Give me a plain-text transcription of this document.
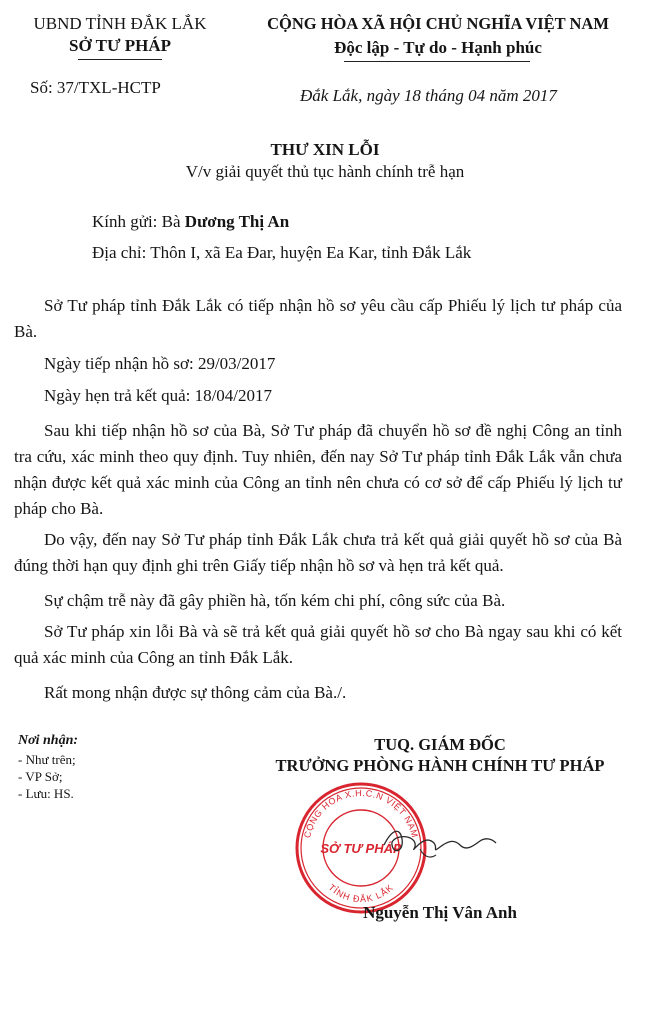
UBND TỈNH ĐẮK LẮK
SỞ TƯ PHÁP
Số: 37/TXL-HCTP
CỘNG HÒA XÃ HỘI CHỦ NGHĨA VIỆT NAM
Độc lập - Tự do - Hạnh phúc
Đắk Lắk, ngày 18 tháng 04 năm 2017
THƯ XIN LỖI
V/v giải quyết thủ tục hành chính trễ hạn
Kính gửi: Bà Dương Thị An
Địa chỉ: Thôn I, xã Ea Đar, huyện Ea Kar, tỉnh Đắk Lắk

Sở Tư pháp tỉnh Đắk Lắk có tiếp nhận hồ sơ yêu cầu cấp Phiếu lý lịch tư pháp của Bà.

Ngày tiếp nhận hồ sơ: 29/03/2017
Ngày hẹn trả kết quả: 18/04/2017

Sau khi tiếp nhận hồ sơ của Bà, Sở Tư pháp đã chuyển hồ sơ đề nghị Công an tỉnh tra cứu, xác minh theo quy định. Tuy nhiên, đến nay Sở Tư pháp tỉnh Đắk Lắk vẫn chưa nhận được kết quả xác minh của Công an tỉnh nên chưa có cơ sở để cấp Phiếu lý lịch tư pháp cho Bà.

Do vậy, đến nay Sở Tư pháp tỉnh Đắk Lắk chưa trả kết quả giải quyết hồ sơ của Bà đúng thời hạn quy định ghi trên Giấy tiếp nhận hồ sơ và hẹn trả kết quả.

Sự chậm trễ này đã gây phiền hà, tốn kém chi phí, công sức của Bà.

Sở Tư pháp xin lỗi Bà và sẽ trả kết quả giải quyết hồ sơ cho Bà ngay sau khi có kết quả xác minh của Công an tỉnh Đắk Lắk.

Rất mong nhận được sự thông cảm của Bà./.

Nơi nhận:
- Như trên;
- VP Sở;
- Lưu: HS.
TUQ. GIÁM ĐỐC
TRƯỞNG PHÒNG HÀNH CHÍNH TƯ PHÁP
CỘNG HÒA X.H.C.N VIỆT NAM
TỈNH ĐẮK LẮK
SỞ TƯ PHÁP
Nguyễn Thị Vân Anh
